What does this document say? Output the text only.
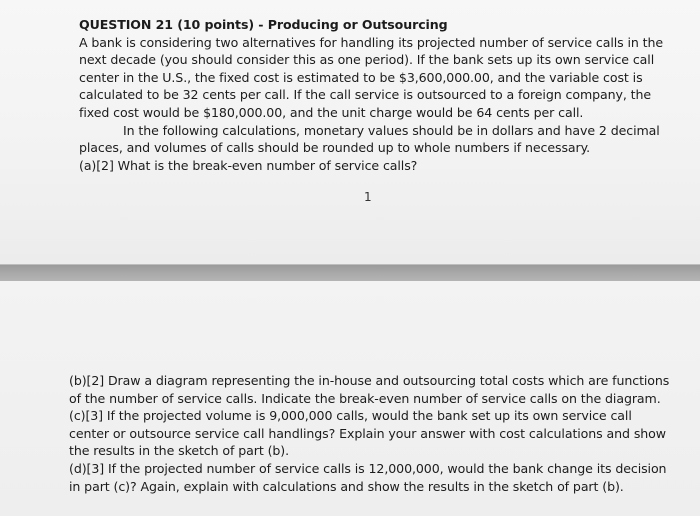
QUESTION 21 (10 points) - Producing or Outsourcing
A bank is considering two alternatives for handling its projected number of service calls in the
next decade (you should consider this as one period). If the bank sets up its own service call
center in the U.S., the fixed cost is estimated to be $3,600,000.00, and the variable cost is
calculated to be 32 cents per call. If the call service is outsourced to a foreign company, the
fixed cost would be $180,000.00, and the unit charge would be 64 cents per call.
In the following calculations, monetary values should be in dollars and have 2 decimal
places, and volumes of calls should be rounded up to whole numbers if necessary.
(a)[2] What is the break-even number of service calls?
1
(b)[2] Draw a diagram representing the in-house and outsourcing total costs which are functions
of the number of service calls. Indicate the break-even number of service calls on the diagram.
(c)[3] If the projected volume is 9,000,000 calls, would the bank set up its own service call
center or outsource service call handlings? Explain your answer with cost calculations and show
the results in the sketch of part (b).
(d)[3] If the projected number of service calls is 12,000,000, would the bank change its decision
in part (c)? Again, explain with calculations and show the results in the sketch of part (b).
